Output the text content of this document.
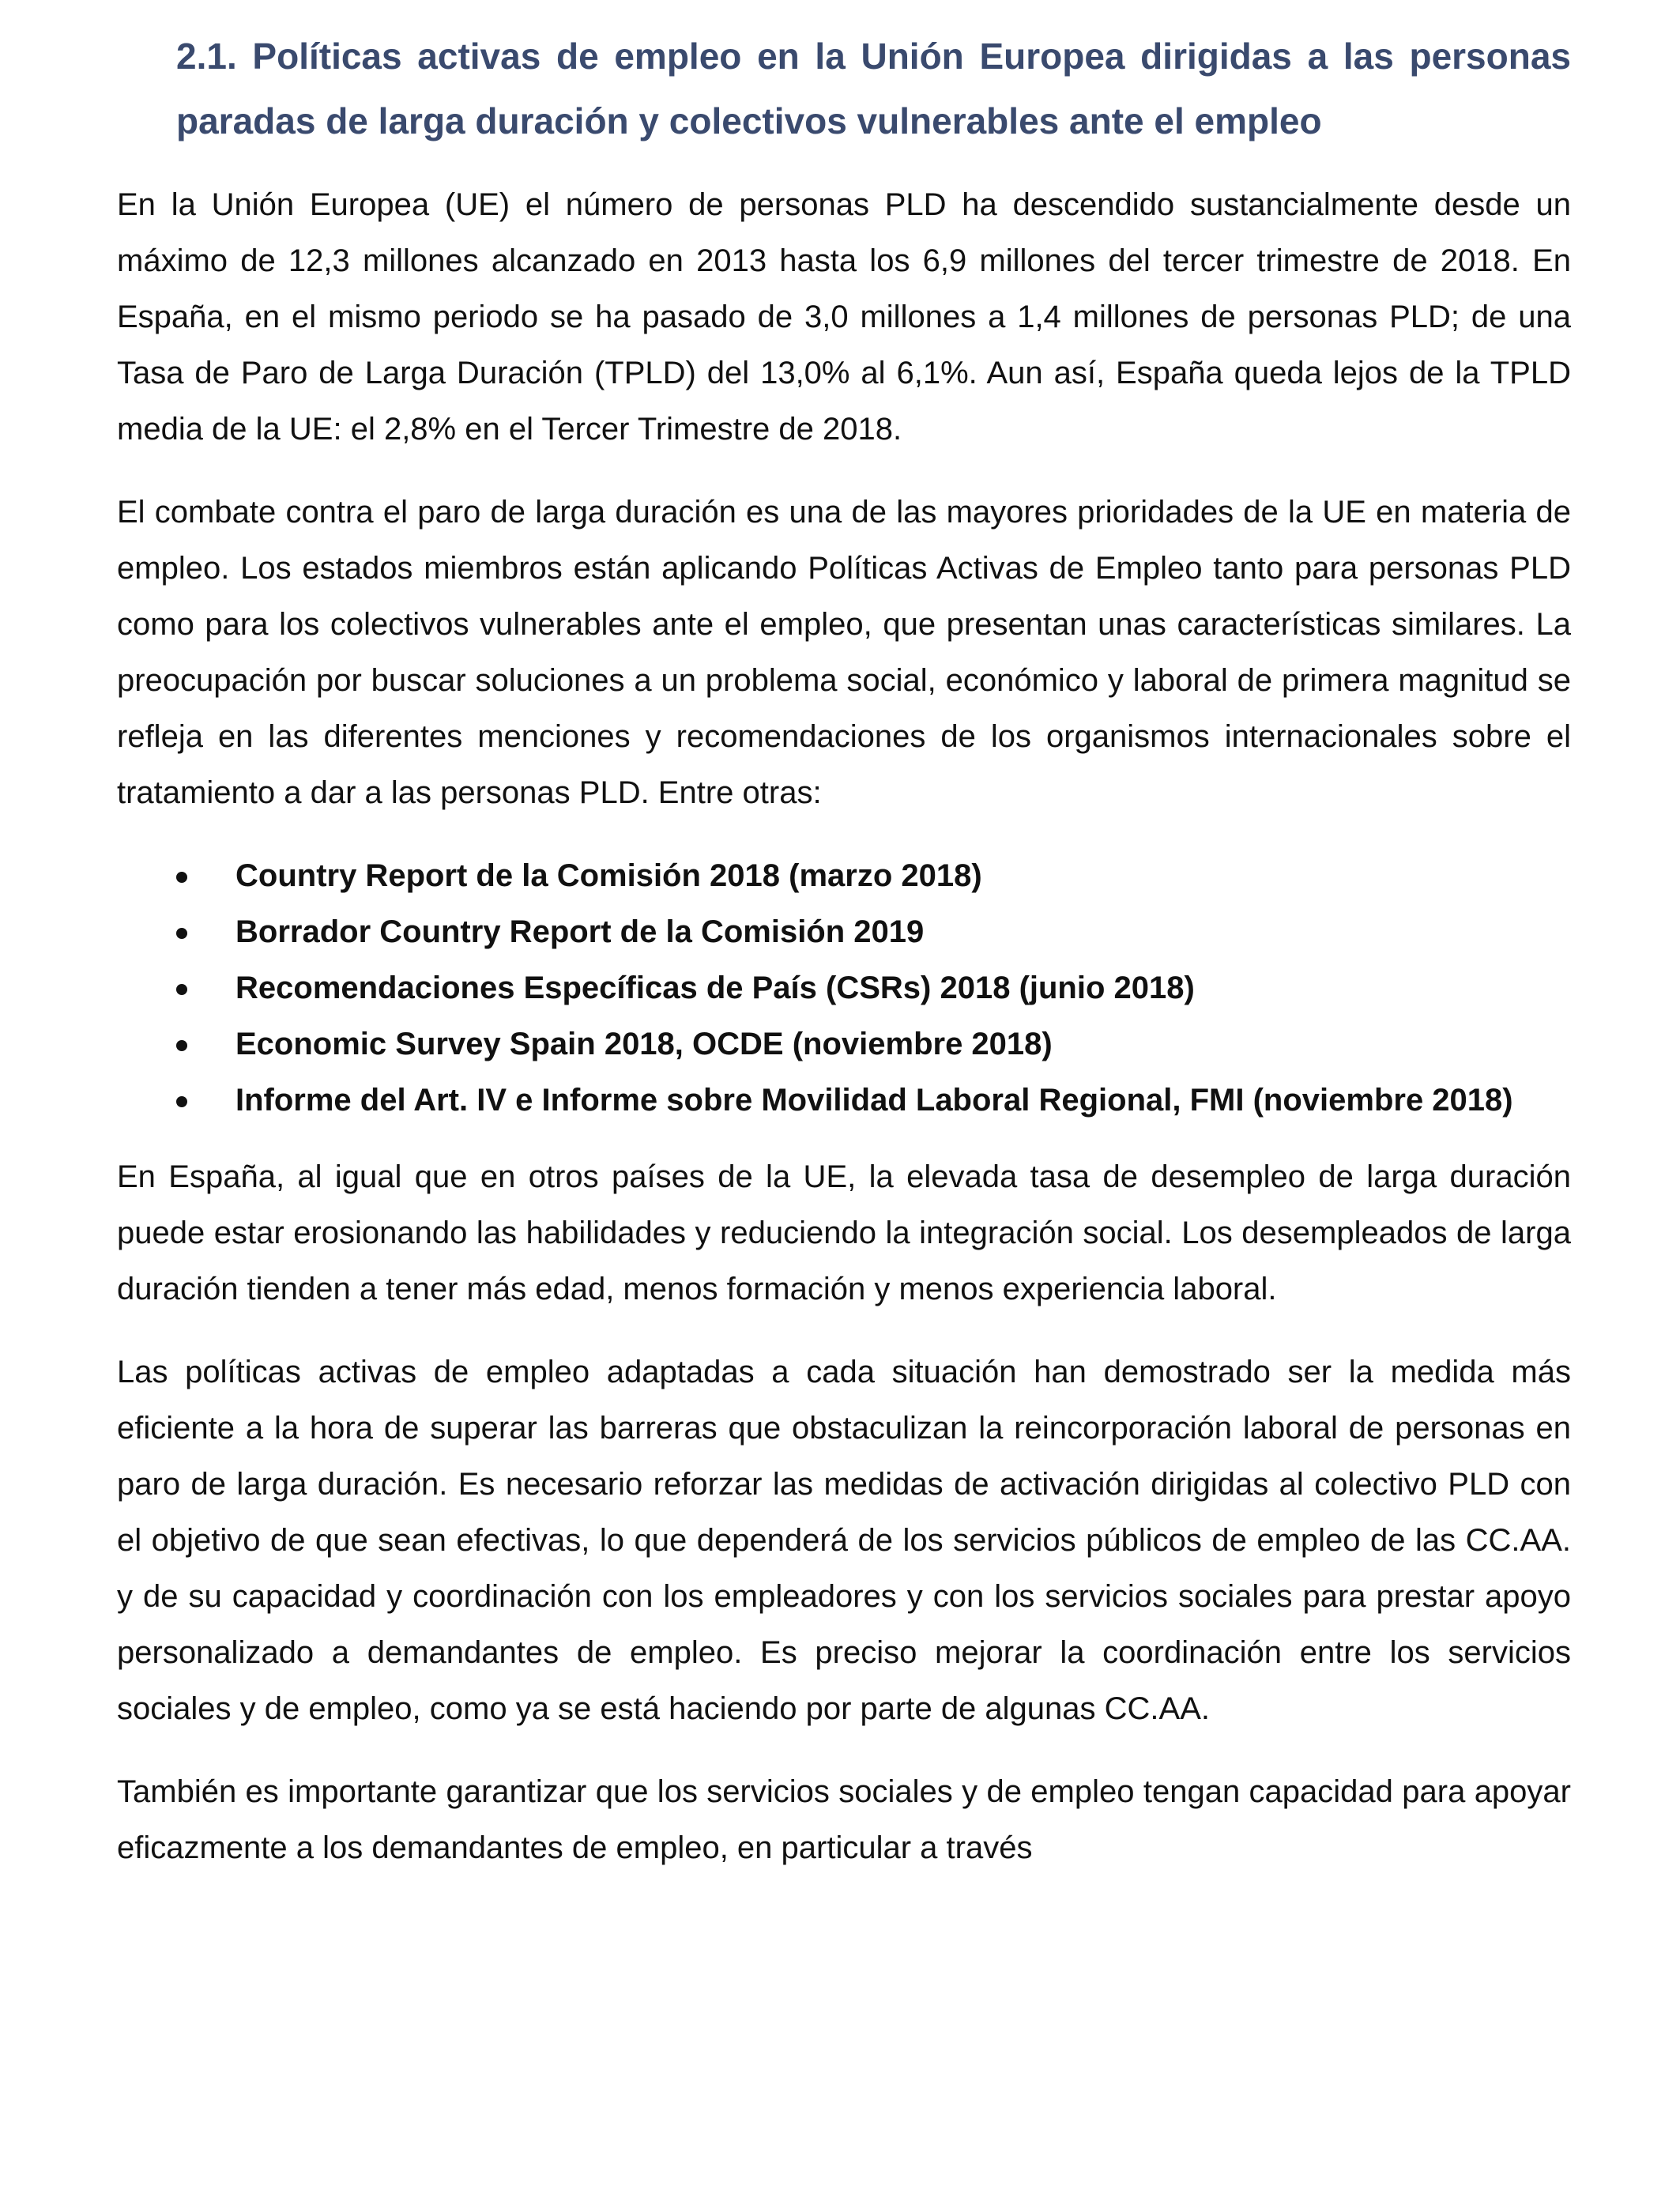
2.1. Políticas activas de empleo en la Unión Europea dirigidas a las personas paradas de larga duración y colectivos vulnerables ante el empleo

En la Unión Europea (UE) el número de personas PLD ha descendido sustancialmente desde un máximo de 12,3 millones alcanzado en 2013 hasta los 6,9 millones del tercer trimestre de 2018. En España, en el mismo periodo se ha pasado de 3,0 millones a 1,4 millones de personas PLD; de una Tasa de Paro de Larga Duración (TPLD) del 13,0% al 6,1%. Aun así, España queda lejos de la TPLD media de la UE: el 2,8% en el Tercer Trimestre de 2018.

El combate contra el paro de larga duración es una de las mayores prioridades de la UE en materia de empleo. Los estados miembros están aplicando Políticas Activas de Empleo tanto para personas PLD como para los colectivos vulnerables ante el empleo, que presentan unas características similares. La preocupación por buscar soluciones a un problema social, económico y laboral de primera magnitud se refleja en las diferentes menciones y recomendaciones de los organismos internacionales sobre el tratamiento a dar a las personas PLD. Entre otras:

Country Report de la Comisión 2018 (marzo 2018)
Borrador Country Report de la Comisión 2019
Recomendaciones Específicas de País (CSRs) 2018 (junio 2018)
Economic Survey Spain 2018, OCDE (noviembre 2018)
Informe del Art. IV e Informe sobre Movilidad Laboral Regional, FMI (noviembre 2018)

En España, al igual que en otros países de la UE, la elevada tasa de desempleo de larga duración puede estar erosionando las habilidades y reduciendo la integración social. Los desempleados de larga duración tienden a tener más edad, menos formación y menos experiencia laboral.

Las políticas activas de empleo adaptadas a cada situación han demostrado ser la medida más eficiente a la hora de superar las barreras que obstaculizan la reincorporación laboral de personas en paro de larga duración. Es necesario reforzar las medidas de activación dirigidas al colectivo PLD con el objetivo de que sean efectivas, lo que dependerá de los servicios públicos de empleo de las CC.AA. y de su capacidad y coordinación con los empleadores y con los servicios sociales para prestar apoyo personalizado a demandantes de empleo. Es preciso mejorar la coordinación entre los servicios sociales y de empleo, como ya se está haciendo por parte de algunas CC.AA.

También es importante garantizar que los servicios sociales y de empleo tengan capacidad para apoyar eficazmente a los demandantes de empleo, en particular a través
